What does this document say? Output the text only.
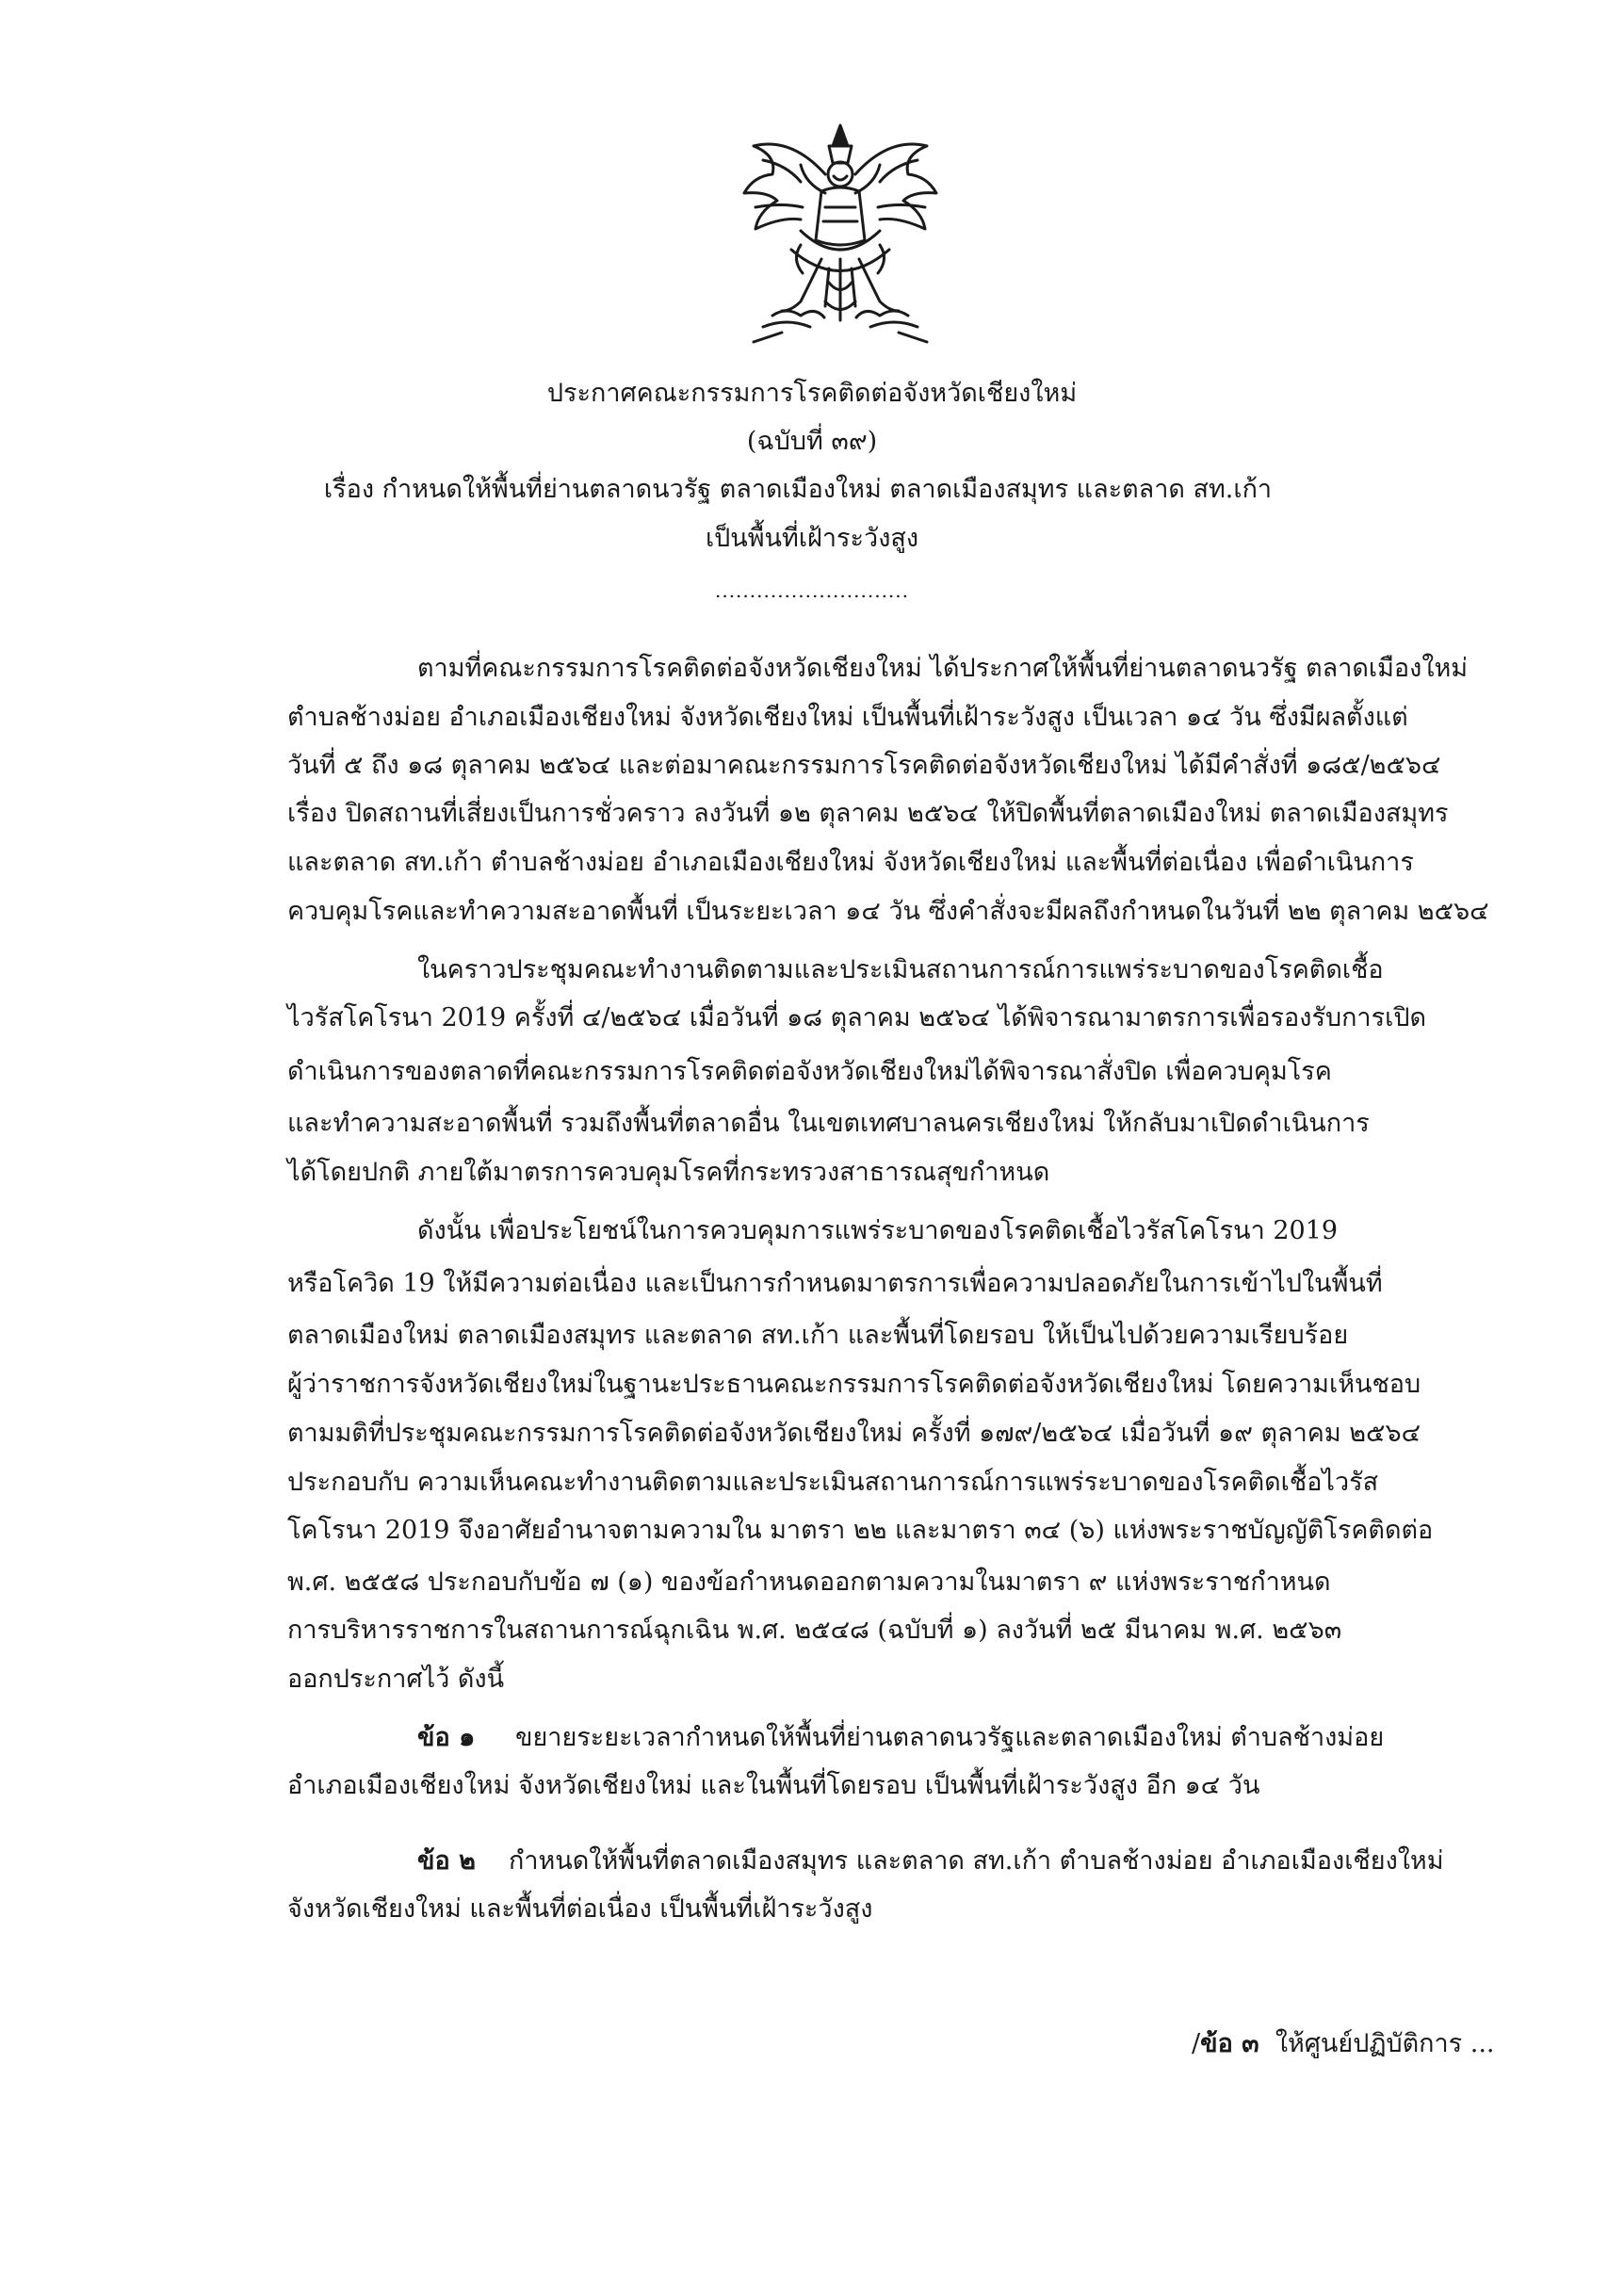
ประกาศคณะกรรมการโรคติดต่อจังหวัดเชียงใหม่
(ฉบับที่ ๓๙)
เรื่อง กำหนดให้พื้นที่ย่านตลาดนวรัฐ ตลาดเมืองใหม่ ตลาดเมืองสมุทร และตลาด สท.เก้า
เป็นพื้นที่เฝ้าระวังสูง
............................
ตามที่คณะกรรมการโรคติดต่อจังหวัดเชียงใหม่ ได้ประกาศให้พื้นที่ย่านตลาดนวรัฐ ตลาดเมืองใหม่
ตำบลช้างม่อย อำเภอเมืองเชียงใหม่ จังหวัดเชียงใหม่ เป็นพื้นที่เฝ้าระวังสูง เป็นเวลา ๑๔ วัน ซึ่งมีผลตั้งแต่
วันที่ ๕ ถึง ๑๘ ตุลาคม ๒๕๖๔ และต่อมาคณะกรรมการโรคติดต่อจังหวัดเชียงใหม่ ได้มีคำสั่งที่ ๑๘๕/๒๕๖๔
เรื่อง ปิดสถานที่เสี่ยงเป็นการชั่วคราว ลงวันที่ ๑๒ ตุลาคม ๒๕๖๔ ให้ปิดพื้นที่ตลาดเมืองใหม่ ตลาดเมืองสมุทร
และตลาด สท.เก้า ตำบลช้างม่อย อำเภอเมืองเชียงใหม่ จังหวัดเชียงใหม่ และพื้นที่ต่อเนื่อง เพื่อดำเนินการ
ควบคุมโรคและทำความสะอาดพื้นที่ เป็นระยะเวลา ๑๔ วัน ซึ่งคำสั่งจะมีผลถึงกำหนดในวันที่ ๒๒ ตุลาคม ๒๕๖๔
ในคราวประชุมคณะทำงานติดตามและประเมินสถานการณ์การแพร่ระบาดของโรคติดเชื้อ
ไวรัสโคโรนา 2019 ครั้งที่ ๔/๒๕๖๔ เมื่อวันที่ ๑๘ ตุลาคม ๒๕๖๔ ได้พิจารณามาตรการเพื่อรองรับการเปิด
ดำเนินการของตลาดที่คณะกรรมการโรคติดต่อจังหวัดเชียงใหม่ได้พิจารณาสั่งปิด เพื่อควบคุมโรค
และทำความสะอาดพื้นที่ รวมถึงพื้นที่ตลาดอื่น ในเขตเทศบาลนครเชียงใหม่ ให้กลับมาเปิดดำเนินการ
ได้โดยปกติ ภายใต้มาตรการควบคุมโรคที่กระทรวงสาธารณสุขกำหนด
ดังนั้น เพื่อประโยชน์ในการควบคุมการแพร่ระบาดของโรคติดเชื้อไวรัสโคโรนา 2019
หรือโควิด 19 ให้มีความต่อเนื่อง และเป็นการกำหนดมาตรการเพื่อความปลอดภัยในการเข้าไปในพื้นที่
ตลาดเมืองใหม่ ตลาดเมืองสมุทร และตลาด สท.เก้า และพื้นที่โดยรอบ ให้เป็นไปด้วยความเรียบร้อย
ผู้ว่าราชการจังหวัดเชียงใหม่ในฐานะประธานคณะกรรมการโรคติดต่อจังหวัดเชียงใหม่ โดยความเห็นชอบ
ตามมติที่ประชุมคณะกรรมการโรคติดต่อจังหวัดเชียงใหม่ ครั้งที่ ๑๗๙/๒๕๖๔ เมื่อวันที่ ๑๙ ตุลาคม ๒๕๖๔
ประกอบกับ ความเห็นคณะทำงานติดตามและประเมินสถานการณ์การแพร่ระบาดของโรคติดเชื้อไวรัส
โคโรนา 2019 จึงอาศัยอำนาจตามความใน มาตรา ๒๒ และมาตรา ๓๔ (๖) แห่งพระราชบัญญัติโรคติดต่อ
พ.ศ. ๒๕๕๘ ประกอบกับข้อ ๗ (๑) ของข้อกำหนดออกตามความในมาตรา ๙ แห่งพระราชกำหนด
การบริหารราชการในสถานการณ์ฉุกเฉิน พ.ศ. ๒๕๔๘ (ฉบับที่ ๑) ลงวันที่ ๒๕ มีนาคม พ.ศ. ๒๕๖๓
ออกประกาศไว้ ดังนี้
ข้อ ๑ ขยายระยะเวลากำหนดให้พื้นที่ย่านตลาดนวรัฐและตลาดเมืองใหม่ ตำบลช้างม่อย
อำเภอเมืองเชียงใหม่ จังหวัดเชียงใหม่ และในพื้นที่โดยรอบ เป็นพื้นที่เฝ้าระวังสูง อีก ๑๔ วัน
ข้อ ๒ กำหนดให้พื้นที่ตลาดเมืองสมุทร และตลาด สท.เก้า ตำบลช้างม่อย อำเภอเมืองเชียงใหม่
จังหวัดเชียงใหม่ และพื้นที่ต่อเนื่อง เป็นพื้นที่เฝ้าระวังสูง
/ข้อ ๓ ให้ศูนย์ปฏิบัติการ ...
